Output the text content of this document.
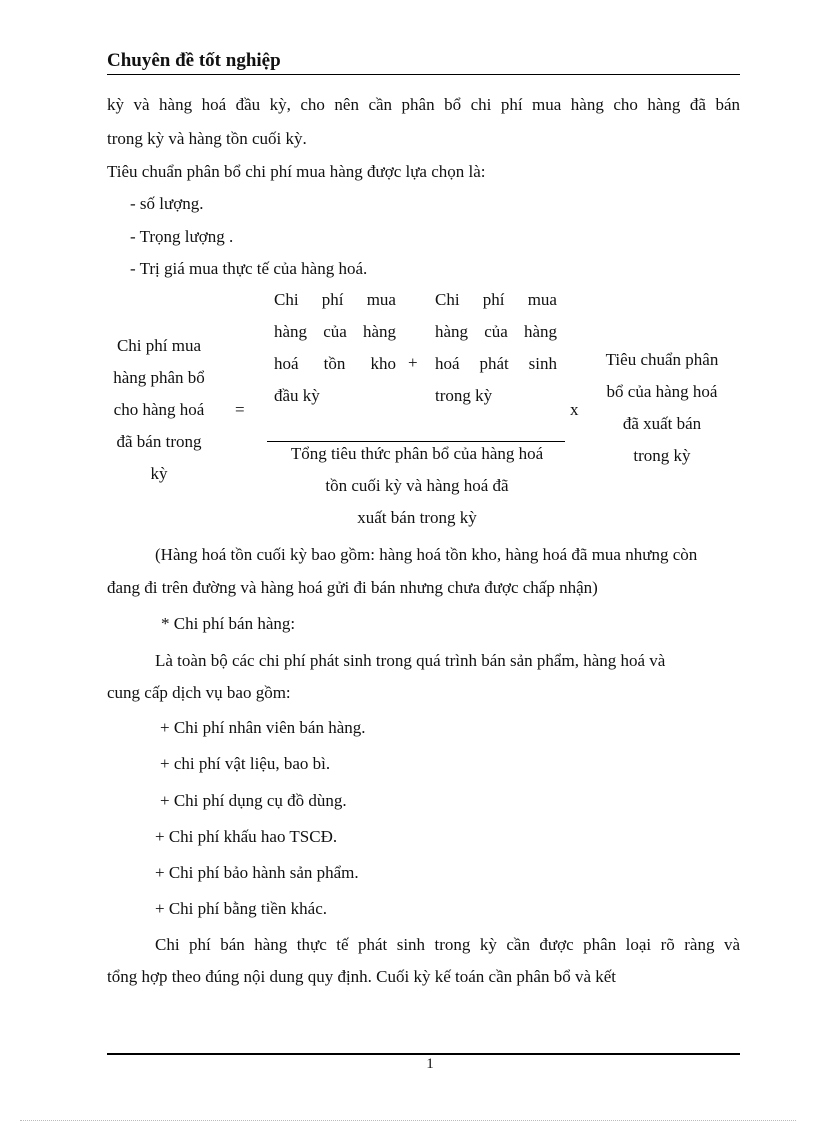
Chuyên đề tốt nghiệp
kỳ và hàng hoá đầu kỳ, cho nên cần phân bổ chi phí mua hàng cho hàng đã bán
trong kỳ và hàng tồn cuối kỳ.
Tiêu chuẩn phân bổ chi phí mua hàng được lựa chọn là:
- số lượng.
- Trọng lượng .
- Trị giá mua thực tế của hàng hoá.
Chi phí mua
hàng phân bổ
cho hàng hoá
đã bán trong
kỳ
=
Chi phí mua
hàng của hàng
hoá tồn kho
đầu kỳ
+
Chi phí mua
hàng của hàng
hoá phát sinh
trong kỳ
Tổng tiêu thức phân bổ của hàng hoá
tồn cuối kỳ và hàng hoá đã
xuất bán trong kỳ
x
Tiêu chuẩn phân
bổ của hàng hoá
đã xuất bán
trong kỳ
(Hàng hoá tồn cuối kỳ bao gồm: hàng hoá tồn kho, hàng hoá đã mua nhưng còn
đang đi trên đường và hàng hoá gửi đi bán nhưng chưa được chấp nhận)
* Chi phí bán hàng:
Là toàn bộ các chi phí phát sinh trong quá trình bán sản phẩm, hàng hoá và
cung cấp dịch vụ bao gồm:
+ Chi phí nhân viên bán hàng.
+ chi phí vật liệu, bao bì.
+ Chi phí dụng cụ đồ dùng.
+ Chi phí khấu hao TSCĐ.
+ Chi phí bảo hành sản phẩm.
+ Chi phí bằng tiền khác.
Chi phí bán hàng thực tế phát sinh trong kỳ cần được phân loại rõ ràng và
tổng hợp theo đúng nội dung quy định. Cuối kỳ kế toán cần phân bổ và kết
1
